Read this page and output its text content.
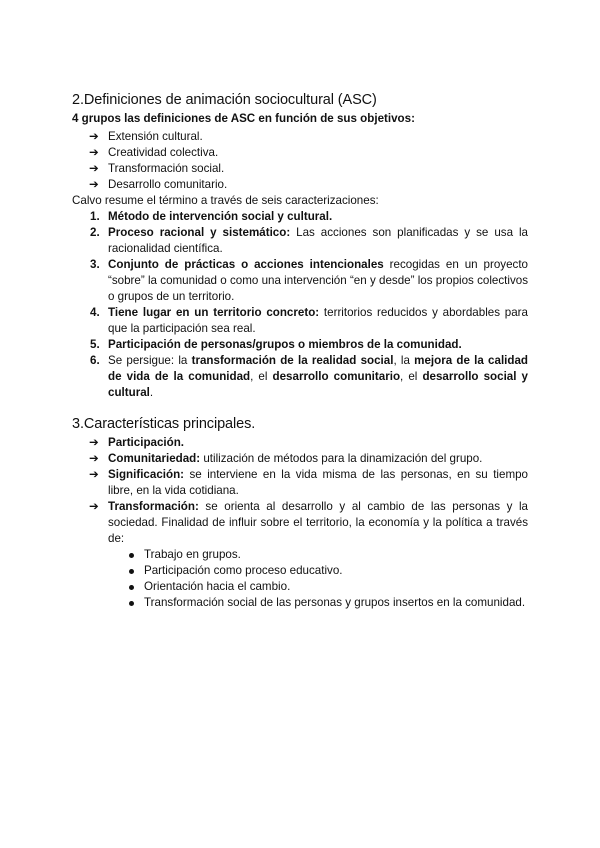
2.Definiciones de animación sociocultural (ASC)

4 grupos las definiciones de ASC en función de sus objetivos:

➔ Extensión cultural.
➔ Creatividad colectiva.
➔ Transformación social.
➔ Desarrollo comunitario.

Calvo resume el término a través de seis caracterizaciones:

1. Método de intervención social y cultural.
2. Proceso racional y sistemático: Las acciones son planificadas y se usa la racionalidad científica.
3. Conjunto de prácticas o acciones intencionales recogidas en un proyecto “sobre” la comunidad o como una intervención “en y desde” los propios colectivos o grupos de un territorio.
4. Tiene lugar en un territorio concreto: territorios reducidos y abordables para que la participación sea real.
5. Participación de personas/grupos o miembros de la comunidad.
6. Se persigue: la transformación de la realidad social, la mejora de la calidad de vida de la comunidad, el desarrollo comunitario, el desarrollo social y cultural.
3.Características principales.
➔ Participación.
➔ Comunitariedad: utilización de métodos para la dinamización del grupo.
➔ Significación: se interviene en la vida misma de las personas, en su tiempo libre, en la vida cotidiana.
➔ Transformación: se orienta al desarrollo y al cambio de las personas y la sociedad. Finalidad de influir sobre el territorio, la economía y la política a través de:
Trabajo en grupos.
Participación como proceso educativo.
Orientación hacia el cambio.
Transformación social de las personas y grupos insertos en la comunidad.
